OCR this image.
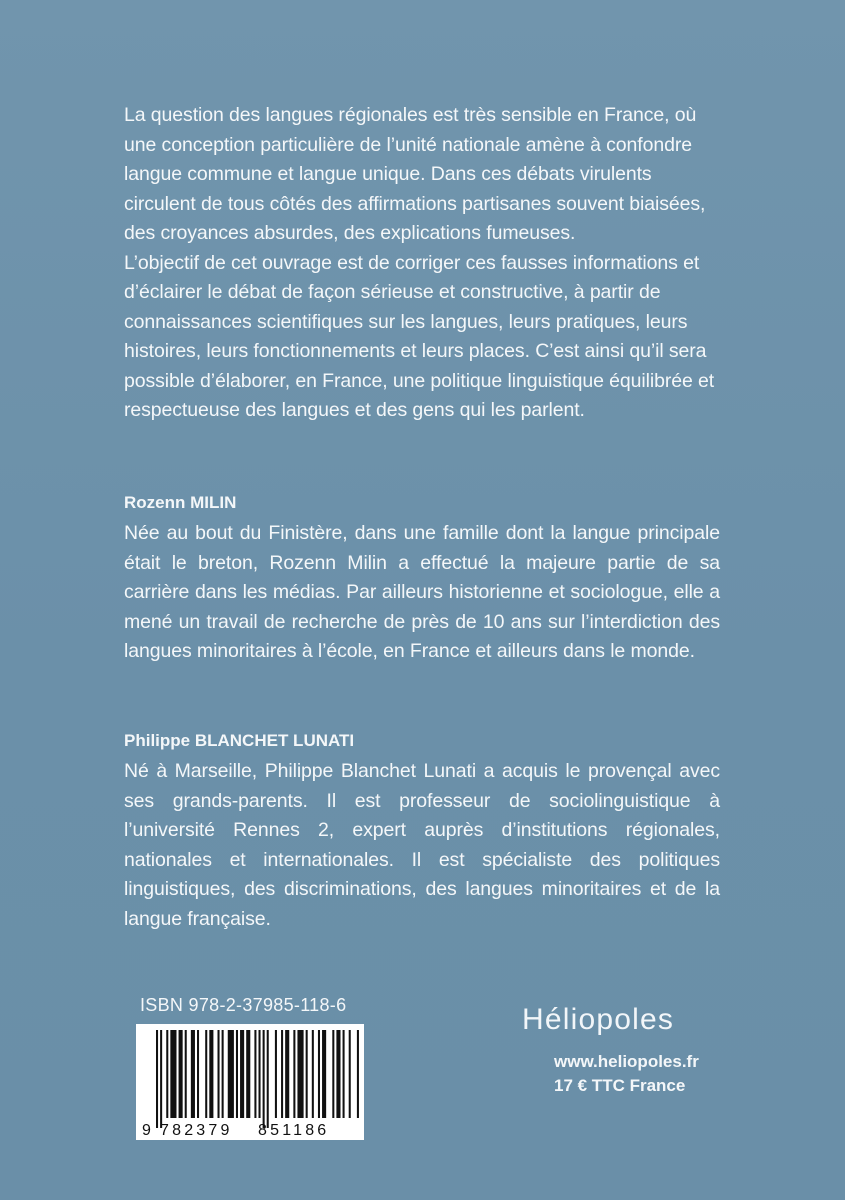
La question des langues régionales est très sensible en France, où une conception particulière de l’unité nationale amène à confondre langue commune et langue unique. Dans ces débats virulents circulent de tous côtés des affirmations partisanes souvent biaisées, des croyances absurdes, des explications fumeuses.

L’objectif de cet ouvrage est de corriger ces fausses informations et d’éclairer le débat de façon sérieuse et constructive, à partir de connaissances scientifiques sur les langues, leurs pratiques, leurs histoires, leurs fonctionnements et leurs places. C’est ainsi qu’il sera possible d’élaborer, en France, une politique linguistique équilibrée et respectueuse des langues et des gens qui les parlent.

Rozenn MILIN

Née au bout du Finistère, dans une famille dont la langue principale était le breton, Rozenn Milin a effectué la majeure partie de sa carrière dans les médias. Par ailleurs historienne et sociologue, elle a mené un travail de recherche de près de 10 ans sur l’interdiction des langues minoritaires à l’école, en France et ailleurs dans le monde.

Philippe BLANCHET LUNATI

Né à Marseille, Philippe Blanchet Lunati a acquis le provençal avec ses grands-parents. Il est professeur de sociolinguistique à l’université Rennes 2, expert auprès d’institutions régionales, nationales et internationales. Il est spécialiste des politiques linguistiques, des discriminations, des langues minoritaires et de la langue française.

ISBN 978-2-37985-118-6
9 782379 851186
Héliopoles
www.heliopoles.fr
17 € TTC France
